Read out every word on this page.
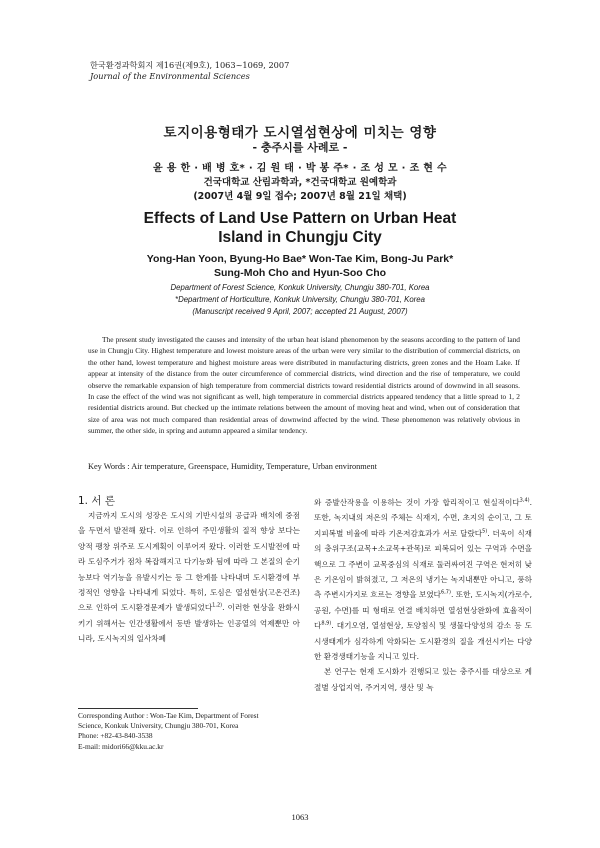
한국환경과학회지 제16권(제9호), 1063~1069, 2007
Journal of the Environmental Sciences
토지이용형태가 도시열섬현상에 미치는 영향
- 충주시를 사례로 -
윤 용 한 · 배 병 호* · 김 원 태 · 박 봉 주* · 조 성 모 · 조 현 수
건국대학교 산림과학과, *건국대학교 원예학과
(2007년 4월 9일 접수; 2007년 8월 21일 채택)
Effects of Land Use Pattern on Urban Heat
Island in Chungju City
Yong-Han Yoon, Byung-Ho Bae* Won-Tae Kim, Bong-Ju Park*
Sung-Moh Cho and Hyun-Soo Cho
Department of Forest Science, Konkuk University, Chungju 380-701, Korea
*Department of Horticulture, Konkuk University, Chungju 380-701, Korea
(Manuscript received 9 April, 2007; accepted 21 August, 2007)
The present study investigated the causes and intensity of the urban heat island phenomenon by the seasons according to the pattern of land use in Chungju City. Highest temperature and lowest moisture areas of the urban were very similar to the distribution of commercial districts, on the other hand, lowest temperature and highest moisture areas were distributed in manufacturing districts, green zones and the Hoam Lake. If appear at intensity of the distance from the outer circumference of commercial districts, wind direction and the rise of temperature, we could observe the remarkable expansion of high temperature from commercial districts toward residential districts around of downwind in all seasons. In case the effect of the wind was not significant as well, high temperature in commercial districts appeared tendency that a little spread to 1, 2 residential districts around. But checked up the intimate relations between the amount of moving heat and wind, when out of consideration that size of area was not much compared than residential areas of downwind affected by the wind. These phenomenon was relatively obvious in summer, the other side, in spring and autumn appeared a similar tendency.
Key Words : Air temperature, Greenspace, Humidity, Temperature, Urban environment
1. 서 론

지금까지 도시의 성장은 도시의 기반시설의 공급과 배치에 중점을 두면서 발전해 왔다. 이로 인하여 주민생활의 질적 향상 보다는 양적 팽창 위주로 도시계획이 이루어져 왔다. 이러한 도시발전에 따라 도심주거가 점차 복잡해지고 다기능화 됨에 따라 그 본질의 순기능보다 역기능을 유발시키는 등 그 한계를 나타내며 도시환경에 부정적인 영향을 나타내게 되었다. 특히, 도심은 열섬현상(고온건조)으로 인하여 도시환경문제가 발생되었다$^{1,2)}$. 이러한 현상을 완화시키기 위해서는 인간생활에서 동반 발생하는 인공열의 억제뿐만 아니라, 도시녹지의 일사차폐

Corresponding Author : Won-Tae Kim, Department of Forest
Science, Konkuk University, Chungju 380-701, Korea
Phone: +82-43-840-3538
E-mail: midori66@kku.ac.kr

와 증발산작용을 이용하는 것이 가장 합리적이고 현실적이다$^{3,4)}$. 또한, 녹지내의 저온의 주체는 식재지, 수면, 초지의 순이고, 그 토지피복별 비율에 따라 기온저감효과가 서로 달랐다$^{5)}$. 더욱이 식재의 충위구조(교목+소교목+관목)로 피복되어 있는 구역과 수면을 핵으로 그 주변이 교목중심의 식재로 둘러싸여진 구역은 현저히 낮은 기온임이 밝혀졌고, 그 저온의 냉기는 녹지내뿐만 아니고, 풍하측 주변시가지로 흐르는 경향을 보였다$^{6,7)}$. 또한, 도시녹지(가로수, 공원, 수면)를 띠 형태로 연결 배치하면 열섬현상완화에 효율적이다$^{8,9)}$. 대기오염, 열섬현상, 토양침식 및 생물다양성의 감소 등 도시생태계가 심각하게 악화되는 도시환경의 질을 개선시키는 다양한 환경생태기능을 지니고 있다.

본 연구는 현재 도시화가 진행되고 있는 충주시를 대상으로 계절별 상업지역, 주거지역, 생산 및 녹

1063
